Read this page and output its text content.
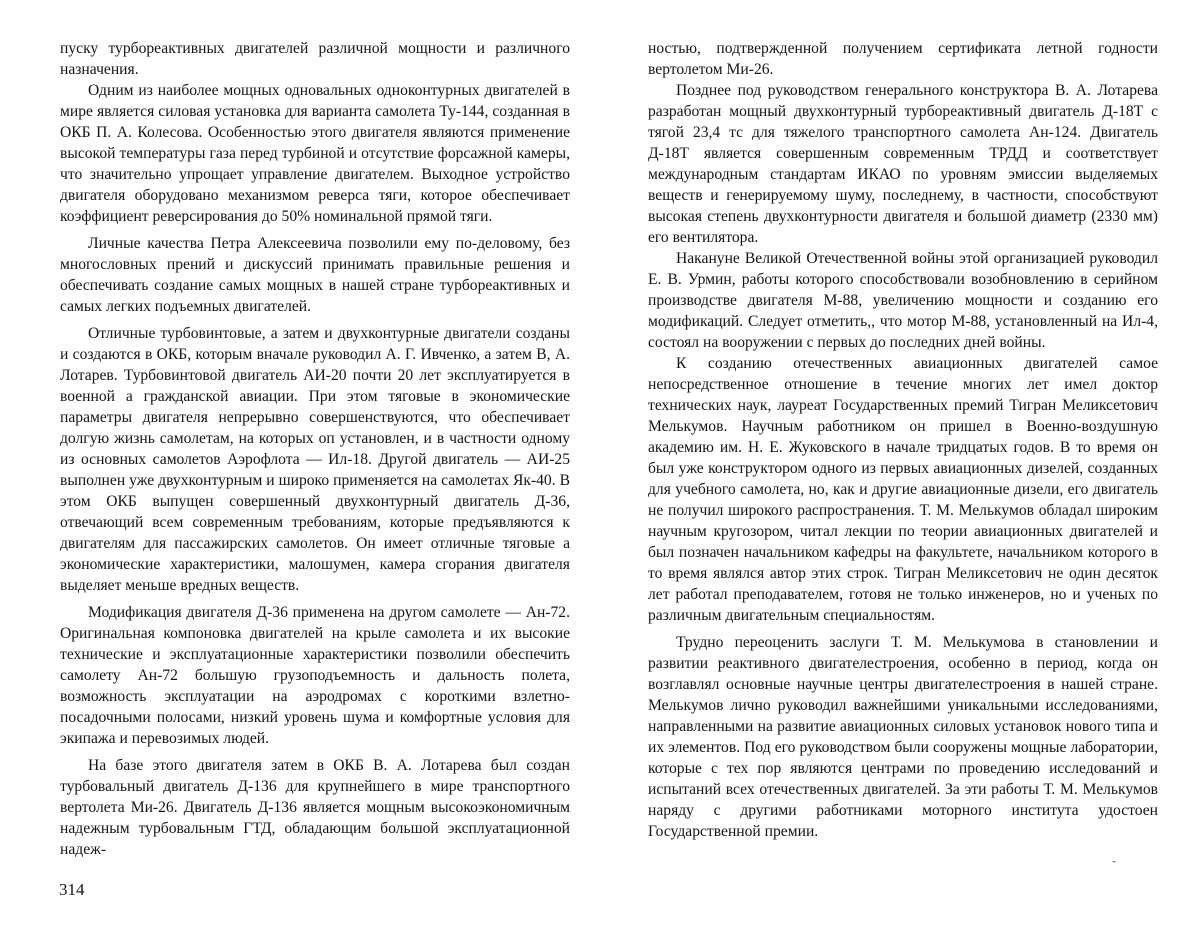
пуску турбореактивных двигателей различной мощности и различного назначения.

Одним из наиболее мощных одновальных одноконтурных двигателей в мире является силовая установка для варианта самолета Ту-144, созданная в ОКБ П. А. Колесова. Особенностью этого двигателя являются применение высокой температуры газа перед турбиной и отсутствие форсажной камеры, что значительно упрощает управление двигателем. Выходное устройство двигателя оборудовано механизмом реверса тяги, которое обеспечивает коэффициент реверсирования до 50% номинальной прямой тяги.

Личные качества Петра Алексеевича позволили ему по-деловому, без многословных прений и дискуссий принимать правильные решения и обеспечивать создание самых мощных в нашей стране турбореактивных и самых легких подъемных двигателей.

Отличные турбовинтовые, а затем и двухконтурные двигатели созданы и создаются в ОКБ, которым вначале руководил А. Г. Ивченко, а затем В, А. Лотарев. Турбовинтовой двигатель АИ-20 почти 20 лет эксплуатируется в военной а гражданской авиации. При этом тяговые в экономические параметры двигателя непрерывно совершенствуются, что обеспечивает долгую жизнь самолетам, на которых оп установлен, и в частности одному из основных самолетов Аэрофлота — Ил-18. Другой двигатель — АИ-25 выполнен уже двухконтурным и широко применяется на самолетах Як-40. В этом ОКБ выпущен совершенный двухконтурный двигатель Д-36, отвечающий всем современным требованиям, которые предъявляются к двигателям для пассажирских самолетов. Он имеет отличные тяговые а экономические характеристики, малошумен, камера сгорания двигателя выделяет меньше вредных веществ.

Модификация двигателя Д-36 применена на другом самолете — Ан-72. Оригинальная компоновка двигателей на крыле самолета и их высокие технические и эксплуатационные характеристики позволили обеспечить самолету Ан-72 большую грузоподъемность и дальность полета, возможность эксплуатации на аэродромах с короткими взлетно-посадочными полосами, низкий уровень шума и комфортные условия для экипажа и перевозимых людей.

На базе этого двигателя затем в ОКБ В. А. Лотарева был создан турбовальный двигатель Д-136 для крупнейшего в мире транспортного вертолета Ми-26. Двигатель Д-136 является мощным высокоэкономичным надежным турбовальным ГТД, обладающим большой эксплуатационной надеж-

314

ностью, подтвержденной получением сертификата летной годности вертолетом Ми-26.

Позднее под руководством генерального конструктора В. А. Лотарева разработан мощный двухконтурный турбореактивный двигатель Д-18Т с тягой 23,4 тс для тяжелого транспортного самолета Ан-124. Двигатель Д-18Т является совершенным современным ТРДД и соответствует международным стандартам ИКАО по уровням эмиссии выделяемых веществ и генерируемому шуму, последнему, в частности, способствуют высокая степень двухконтурности двигателя и большой диаметр (2330 мм) его вентилятора.

Накануне Великой Отечественной войны этой организацией руководил Е. В. Урмин, работы которого способствовали возобновлению в серийном производстве двигателя М-88, увеличению мощности и созданию его модификаций. Следует отметить,, что мотор М-88, установленный на Ил-4, состоял на вооружении с первых до последних дней войны.

К созданию отечественных авиационных двигателей самое непосредственное отношение в течение многих лет имел доктор технических наук, лауреат Государственных премий Тигран Меликсетович Мелькумов. Научным работником он пришел в Военно-воздушную академию им. Н. Е. Жуковского в начале тридцатых годов. В то время он был уже конструктором одного из первых авиационных дизелей, созданных для учебного самолета, но, как и другие авиационные дизели, его двигатель не получил широкого распространения. Т. М. Мелькумов обладал широким научным кругозором, читал лекции по теории авиационных двигателей и был позначен начальником кафедры на факультете, начальником которого в то время являлся автор этих строк. Тигран Меликсетович не один десяток лет работал преподавателем, готовя не только инженеров, но и ученых по различным двигательным специальностям.

Трудно переоценить заслуги Т. М. Мелькумова в становлении и развитии реактивного двигателестроения, особенно в период, когда он возглавлял основные научные центры двигателестроения в нашей стране. Мелькумов лично руководил важнейшими уникальными исследованиями, направленными на развитие авиационных силовых установок нового типа и их элементов. Под его руководством были сооружены мощные лаборатории, которые с тех пор являются центрами по проведению исследований и испытаний всех отечественных двигателей. За эти работы Т. М. Мелькумов наряду с другими работниками моторного института удостоен Государственной премии.

ˇ
